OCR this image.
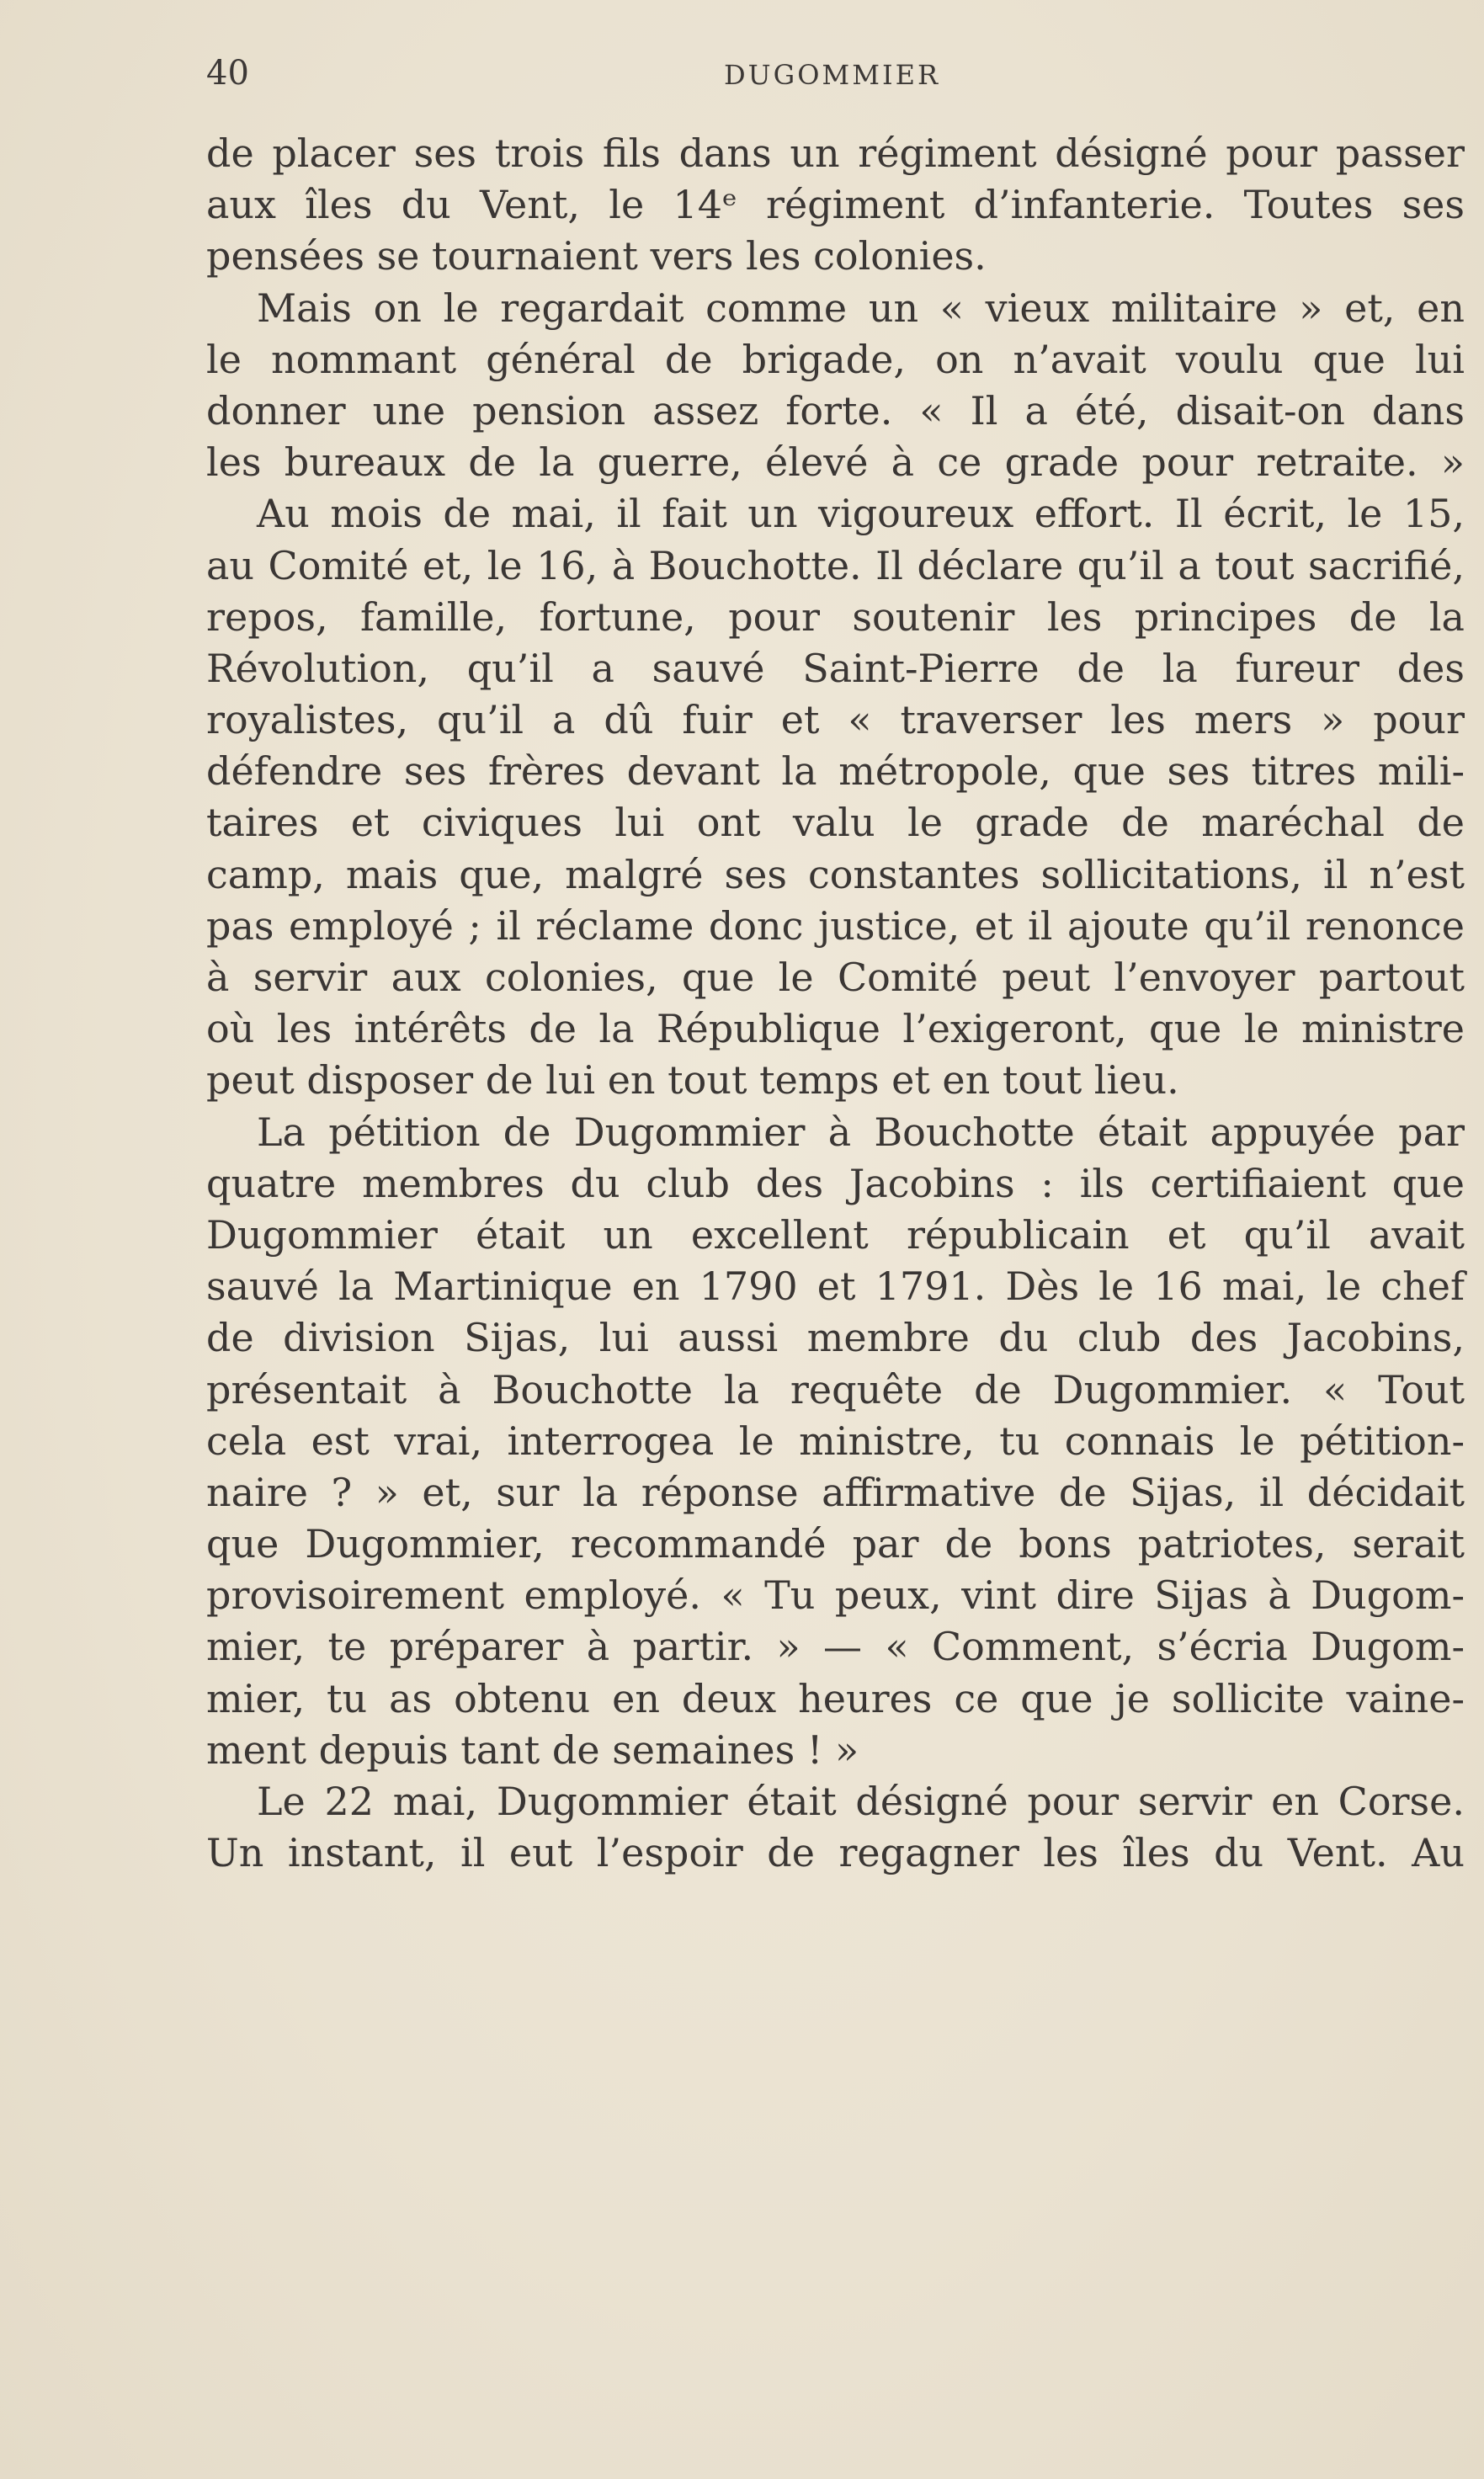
40	DUGOMMIER
de placer ses trois fils dans un régiment désigné pour passer
aux îles du Vent, le 14ᵉ régiment d’infanterie. Toutes ses
pensées se tournaient vers les colonies.
Mais on le regardait comme un « vieux militaire » et, en
le nommant général de brigade, on n’avait voulu que lui
donner une pension assez forte. « Il a été, disait-on dans
les bureaux de la guerre, élevé à ce grade pour retraite. »
Au mois de mai, il fait un vigoureux effort. Il écrit, le 15,
au Comité et, le 16, à Bouchotte. Il déclare qu’il a tout sacrifié,
repos, famille, fortune, pour soutenir les principes de la
Révolution, qu’il a sauvé Saint-Pierre de la fureur des
royalistes, qu’il a dû fuir et « traverser les mers » pour
défendre ses frères devant la métropole, que ses titres mili-
taires et civiques lui ont valu le grade de maréchal de
camp, mais que, malgré ses constantes sollicitations, il n’est
pas employé ; il réclame donc justice, et il ajoute qu’il renonce
à servir aux colonies, que le Comité peut l’envoyer partout
où les intérêts de la République l’exigeront, que le ministre
peut disposer de lui en tout temps et en tout lieu.
La pétition de Dugommier à Bouchotte était appuyée par
quatre membres du club des Jacobins : ils certifiaient que
Dugommier était un excellent républicain et qu’il avait
sauvé la Martinique en 1790 et 1791. Dès le 16 mai, le chef
de division Sijas, lui aussi membre du club des Jacobins,
présentait à Bouchotte la requête de Dugommier. « Tout
cela est vrai, interrogea le ministre, tu connais le pétition-
naire ? » et, sur la réponse affirmative de Sijas, il décidait
que Dugommier, recommandé par de bons patriotes, serait
provisoirement employé. « Tu peux, vint dire Sijas à Dugom-
mier, te préparer à partir. » — « Comment, s’écria Dugom-
mier, tu as obtenu en deux heures ce que je sollicite vaine-
ment depuis tant de semaines ! »
Le 22 mai, Dugommier était désigné pour servir en Corse.
Un instant, il eut l’espoir de regagner les îles du Vent. Au
